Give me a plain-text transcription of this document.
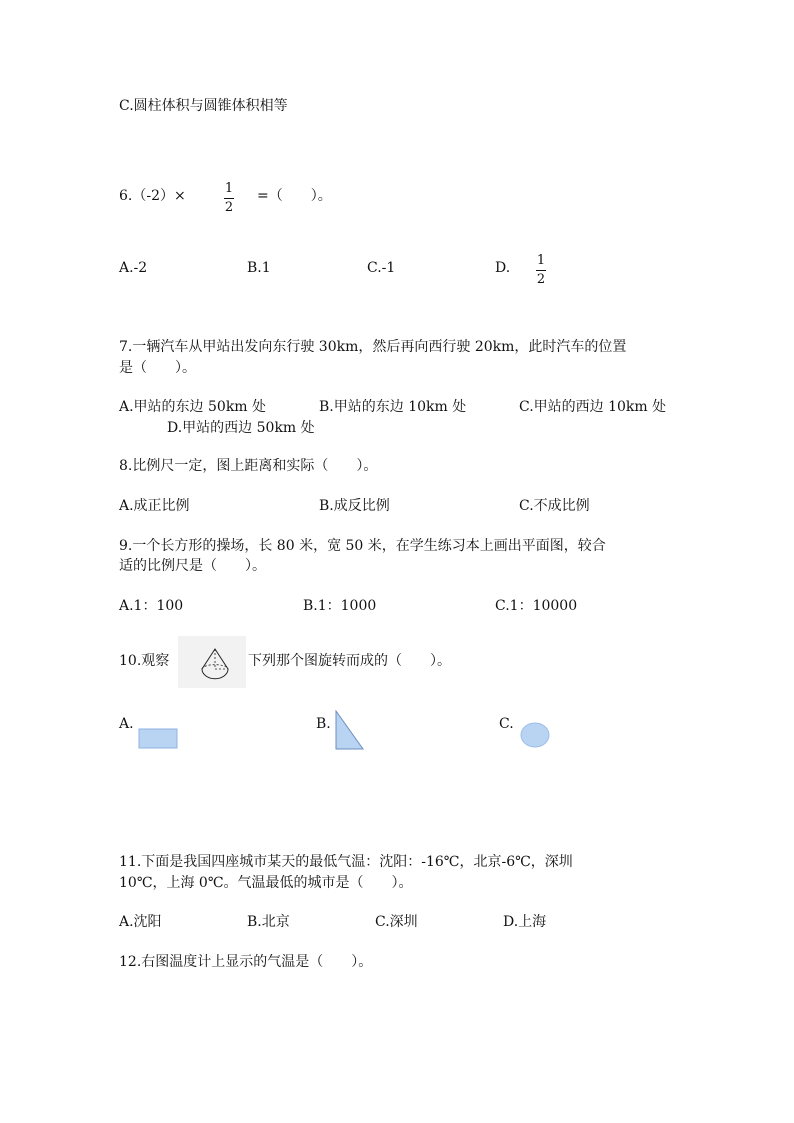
C.圆柱体积与圆锥体积相等
6.（-2）×	1
2
=（　　）。
A.-2	B.1	C.-1	D. 1
2
7.一辆汽车从甲站出发向东行驶 30km，然后再向西行驶 20km，此时汽车的位置
是（　　）。
A.甲站的东边 50km 处	B.甲站的东边 10km 处	C.甲站的西边 10km 处
D.甲站的西边 50km 处
8.比例尺一定，图上距离和实际（　　）。
A.成正比例	B.成反比例	C.不成比例
9.一个长方形的操场，长 80 米，宽 50 米，在学生练习本上画出平面图，较合
适的比例尺是（　　）。
A.1：100	B.1：1000	C.1：10000
10.观察	下列那个图旋转而成的（　　）。
A.	B.	C.
11.下面是我国四座城市某天的最低气温：沈阳：-16℃，北京-6℃，深圳
10℃，上海 0℃。气温最低的城市是（　　）。
A.沈阳	B.北京	C.深圳	D.上海
12.右图温度计上显示的气温是（　　）。
